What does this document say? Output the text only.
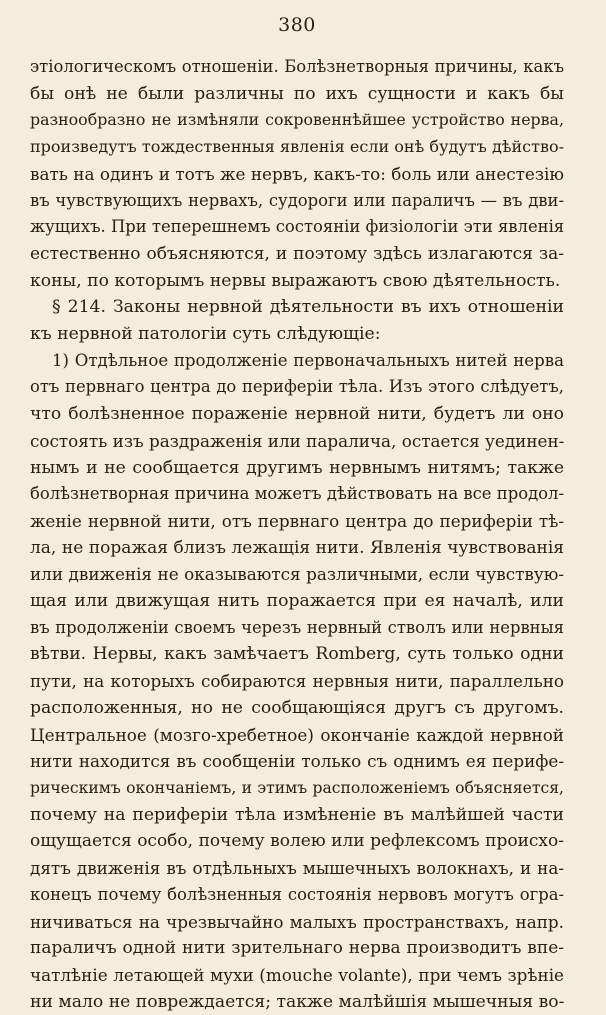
380
этіологическомъ отношеніи. Болѣзнетворныя причины, какъ
бы онѣ не были различны по ихъ сущности и какъ бы
разнообразно не измѣняли сокровеннѣйшее устройство нерва,
произведутъ тождественныя явленія если онѣ будутъ дѣйство-
вать на одинъ и тотъ же нервъ, какъ-то: боль или анестезію
въ чувствующихъ нервахъ, судороги или параличъ — въ дви-
жущихъ. При теперешнемъ состояніи физіологіи эти явленія
естественно объясняются, и поэтому здѣсь излагаются за-
коны, по которымъ нервы выражаютъ свою дѣятельность.
§ 214. Законы нервной дѣятельности въ ихъ отношеніи
къ нервной патологіи суть слѣдующіе:
1) Отдѣльное продолженіе первоначальныхъ нитей нерва
отъ первнаго центра до периферіи тѣла. Изъ этого слѣдуетъ,
что болѣзненное пораженіе нервной нити, будетъ ли оно
состоять изъ раздраженія или паралича, остается уединен-
нымъ и не сообщается другимъ нервнымъ нитямъ; также
болѣзнетворная причина можетъ дѣйствовать на все продол-
женіе нервной нити, отъ первнаго центра до периферіи тѣ-
ла, не поражая близъ лежащія нити. Явленія чувствованія
или движенія не оказываются различными, если чувствую-
щая или движущая нить поражается при ея началѣ, или
въ продолженіи своемъ черезъ нервный стволъ или нервныя
вѣтви. Нервы, какъ замѣчаетъ Romberg, суть только одни
пути, на которыхъ собираются нервныя нити, параллельно
расположенныя, но не сообщающіяся другъ съ другомъ.
Центральное (мозго-хребетное) окончаніе каждой нервной
нити находится въ сообщеніи только съ однимъ ея перифе-
рическимъ окончаніемъ, и этимъ расположеніемъ объясняется,
почему на периферіи тѣла измѣненіе въ малѣйшей части
ощущается особо, почему волею или рефлексомъ происхо-
дятъ движенія въ отдѣльныхъ мышечныхъ волокнахъ, и на-
конецъ почему болѣзненныя состоянія нервовъ могутъ огра-
ничиваться на чрезвычайно малыхъ пространствахъ, напр.
параличъ одной нити зрительнаго нерва производитъ впе-
чатлѣніе летающей мухи (mouche volante), при чемъ зрѣніе
ни мало не повреждается; также малѣйшія мышечныя во-
